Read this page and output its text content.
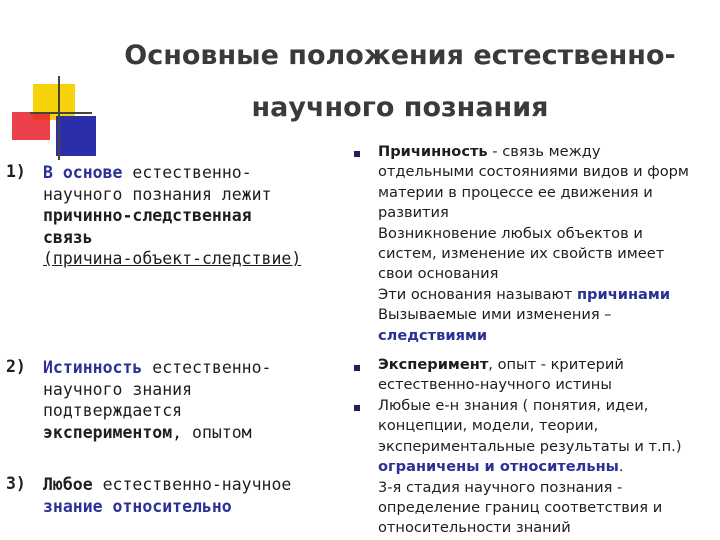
Основные положения естественно-
научного познания
1) В основе естественно-
научного познания лежит
причинно-следственная
связь
(причина-объект-следствие)
2) Истинность естественно-
научного знания
подтверждается
экспериментом, опытом
3) Любое естественно-научное
знание относительно
Причинность - связь между
отдельными состояниями видов и форм
материи в процессе ее движения и
развития
Возникновение любых объектов и
систем, изменение их свойств имеет
свои основания
Эти основания называют причинами
Вызываемые ими изменения –
следствиями
Эксперимент, опыт - критерий
естественно-научного истины
Любые е-н знания ( понятия, идеи,
концепции, модели, теории,
экспериментальные результаты и т.п.)
ограничены и относительны.
3-я стадия научного познания -
определение границ соответствия и
относительности знаний
